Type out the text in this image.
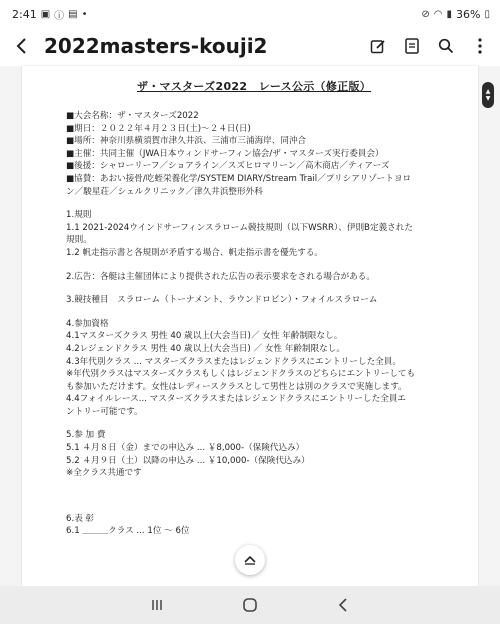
2:41 ▣ ⓘ ▤ •	⊘ ◠ ▮ 36% ▯
2022masters-kouji2
ザ・マスターズ2022　レース公示（修正版）
■大会名称：ザ・マスターズ2022
■期日：２０２２年４月２３日(土)〜２４日(日)
■場所：神奈川県横須賀市津久井浜、三浦市三浦海岸、同沖合
■主催：共同主催（JWA日本ウィンドサーフィン協会/ザ・マスターズ実行委員会）
■後援：シャローリーフ／ショアライン／スズヒロマリーン／高木商店／ティアーズ
■協賛：あおい接骨/吃蛭栄養化学/SYSTEM DIARY/Stream Trail／プリシアリゾートヨロ
ン／駿星荘／シェルクリニック／津久井浜整形外科
1.規則
1.1 2021-2024ウインドサーフィンスラローム競技規則（以下WSRR）、伊則B定義された
規則。
1.2 帆走指示書と各規則が矛盾する場合、帆走指示書を優先する。
2.広告：各艇は主催団体により提供された広告の表示要求をされる場合がある。
3.競技種目　スラローム（トーナメント、ラウンドロビン）・フォイルスラローム
4.参加資格
4.1マスターズクラス 男性 40 歳以上(大会当日)／ 女性 年齢制限なし。
4.2レジェンドクラス 男性 40 歳以上(大会当日) ／ 女性 年齢制限なし。
4.3年代別クラス ... マスターズクラスまたはレジェンドクラスにエントリーした全員。
※年代別クラスはマスターズクラスもしくはレジェンドクラスのどちらにエントリーしても
も参加いただけます。女性はレディースクラスとして男性とは別のクラスで実施します。
4.4フォイルレース... マスターズクラスまたはレジェンドクラスにエントリーした全員エ
ントリー可能です。
5.参 加 費
5.1 ４月８日（金）までの申込み ... ￥8,000-（保険代込み）
5.2 ４月９日（土）以降の申込み ... ￥10,000-（保険代込み）
※全クラス共通です
6.表 彰
6.1 ＿＿＿クラス ... 1位 ～ 6位
▲
▼
